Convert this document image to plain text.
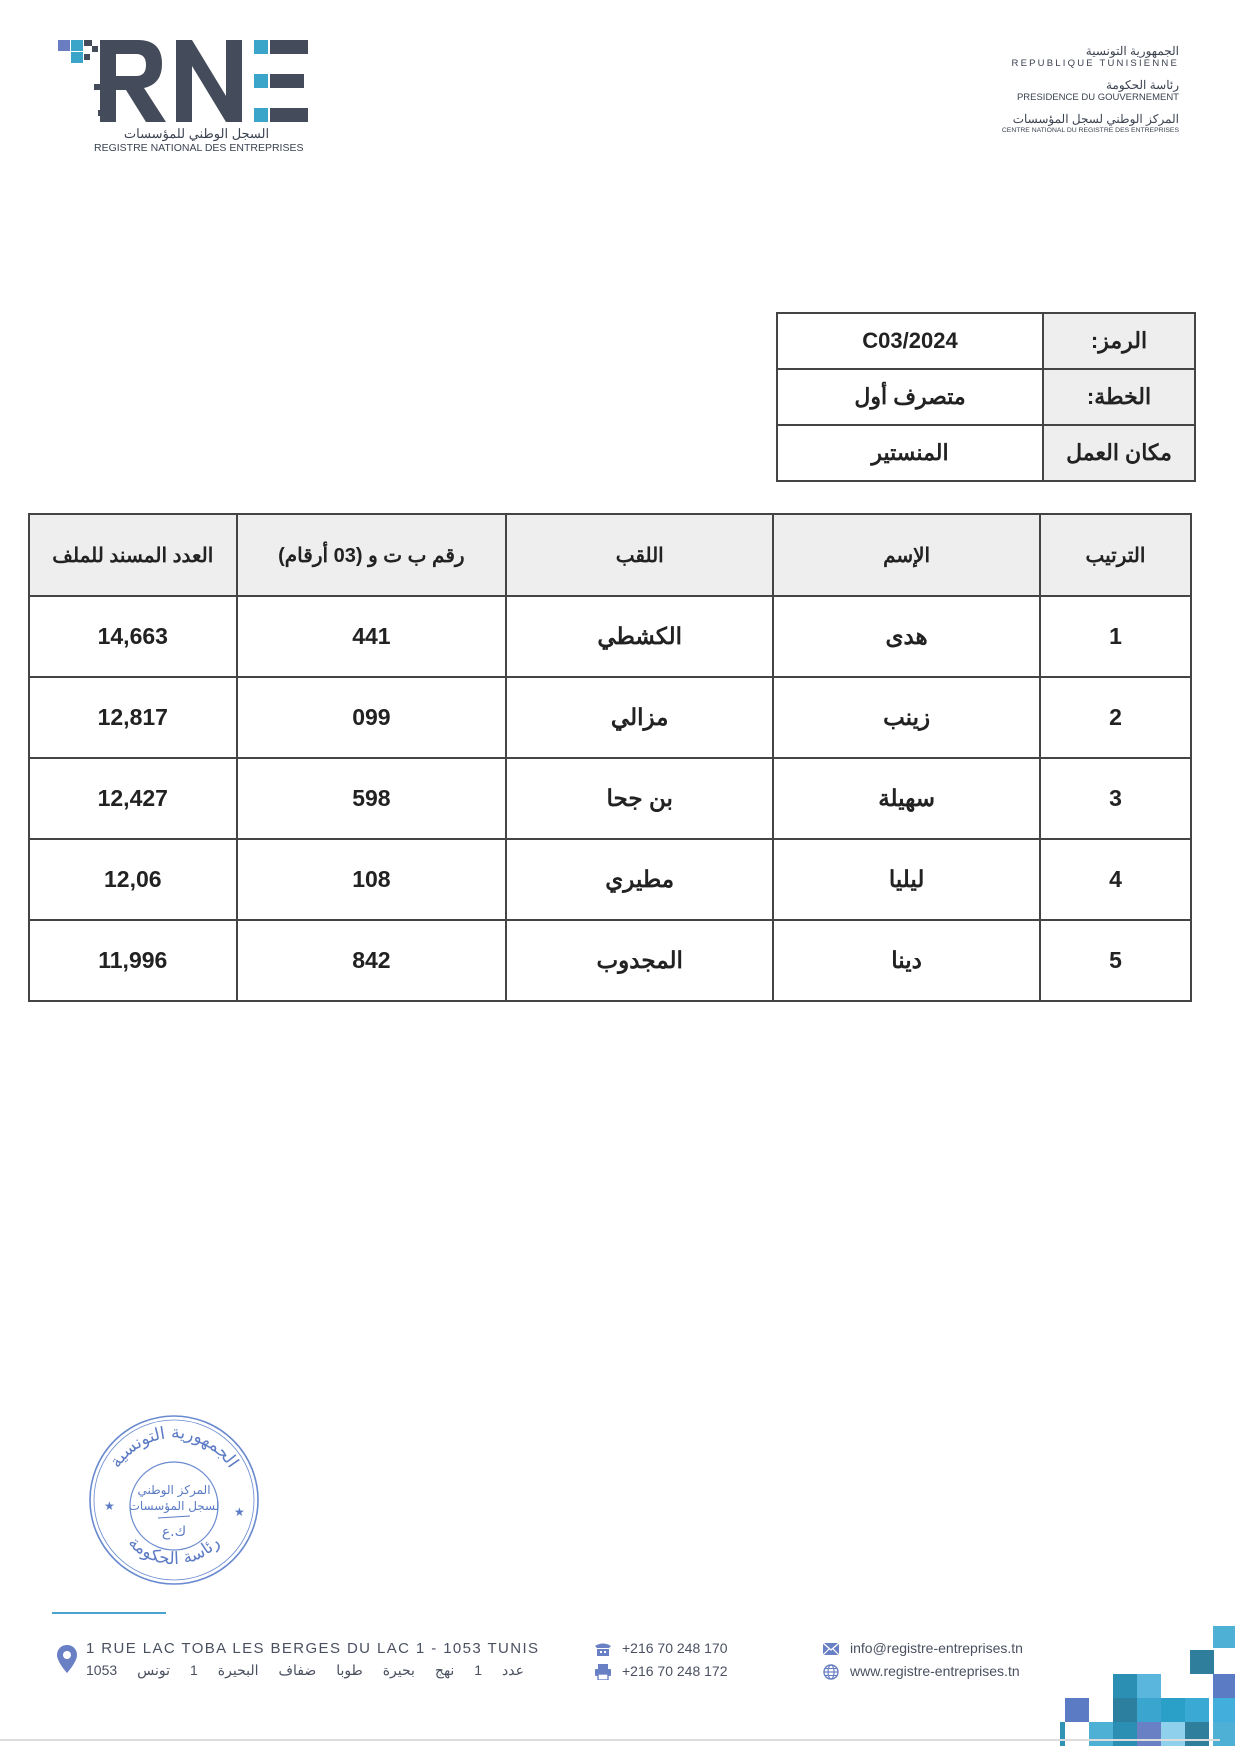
السجل الوطني للمؤسسات
REGISTRE NATIONAL DES ENTREPRISES
الجمهورية التونسية
REPUBLIQUE TUNISIENNE
رئاسة الحكومة
PRESIDENCE DU GOUVERNEMENT
المركز الوطني لسجل المؤسسات
CENTRE NATIONAL DU REGISTRE DES ENTREPRISES
الرمز:	C03/2024
الخطة:	متصرف أول
مكان العمل	المنستير
الترتيب	الإسم	اللقب	رقم ب ت و (03 أرقام)	العدد المسند للملف
1	هدى	الكشطي	441	14,663
2	زينب	مزالي	099	12,817
3	سهيلة	بن جحا	598	12,427
4	ليليا	مطيري	108	12,06
5	دينا	المجدوب	842	11,996
الجمهورية التونسية
رئاسة الحكومة
★	★
المركز الوطني
لسجل المؤسسات
ك.ع
1 RUE LAC TOBA LES BERGES DU LAC 1 - 1053 TUNIS
عدد 1 نهج بحيرة طوبا ضفاف البحيرة 1 تونس 1053
+216 70 248 170
+216 70 248 172
info@registre-entreprises.tn
www.registre-entreprises.tn
